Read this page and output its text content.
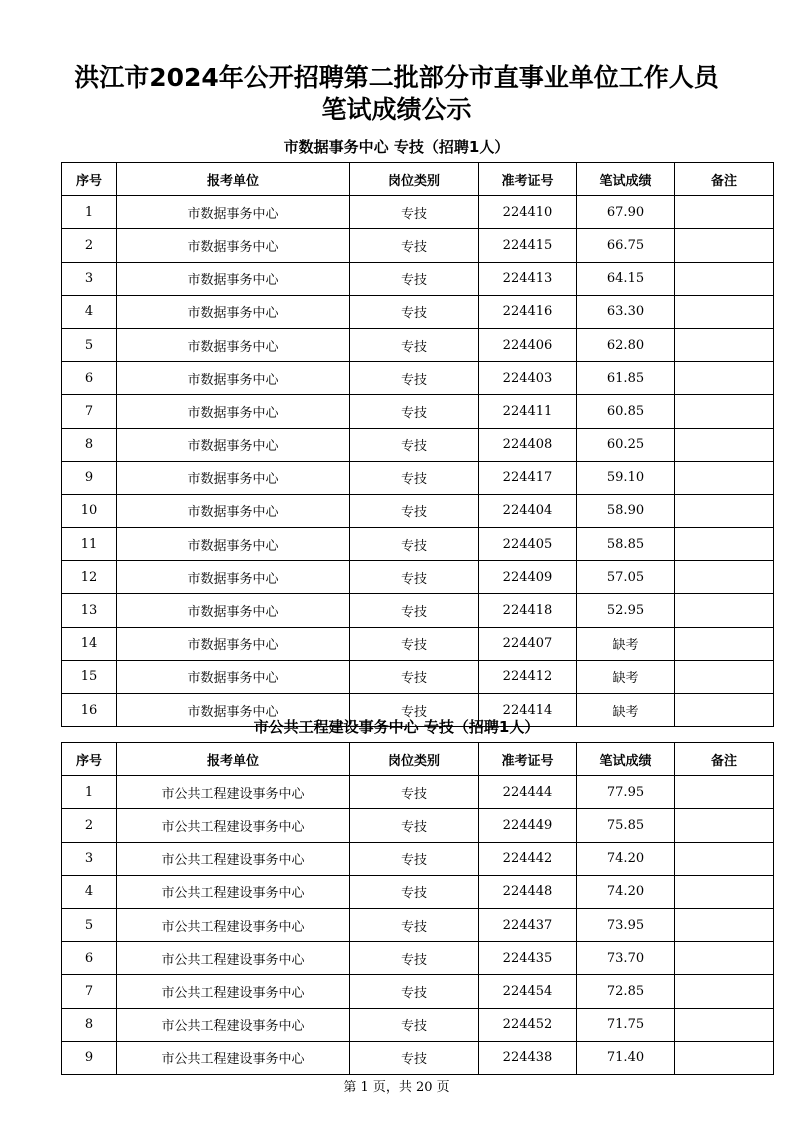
洪江市2024年公开招聘第二批部分市直事业单位工作人员
笔试成绩公示
市数据事务中心 专技（招聘1人）
序号	报考单位	岗位类别	准考证号	笔试成绩	备注
1	市数据事务中心	专技	224410	67.90	
2	市数据事务中心	专技	224415	66.75	
3	市数据事务中心	专技	224413	64.15	
4	市数据事务中心	专技	224416	63.30	
5	市数据事务中心	专技	224406	62.80	
6	市数据事务中心	专技	224403	61.85	
7	市数据事务中心	专技	224411	60.85	
8	市数据事务中心	专技	224408	60.25	
9	市数据事务中心	专技	224417	59.10	
10	市数据事务中心	专技	224404	58.90	
11	市数据事务中心	专技	224405	58.85	
12	市数据事务中心	专技	224409	57.05	
13	市数据事务中心	专技	224418	52.95	
14	市数据事务中心	专技	224407	缺考	
15	市数据事务中心	专技	224412	缺考	
16	市数据事务中心	专技	224414	缺考	
市公共工程建设事务中心 专技（招聘1人）
序号	报考单位	岗位类别	准考证号	笔试成绩	备注
1	市公共工程建设事务中心	专技	224444	77.95	
2	市公共工程建设事务中心	专技	224449	75.85	
3	市公共工程建设事务中心	专技	224442	74.20	
4	市公共工程建设事务中心	专技	224448	74.20	
5	市公共工程建设事务中心	专技	224437	73.95	
6	市公共工程建设事务中心	专技	224435	73.70	
7	市公共工程建设事务中心	专技	224454	72.85	
8	市公共工程建设事务中心	专技	224452	71.75	
9	市公共工程建设事务中心	专技	224438	71.40	
第 1 页，共 20 页
